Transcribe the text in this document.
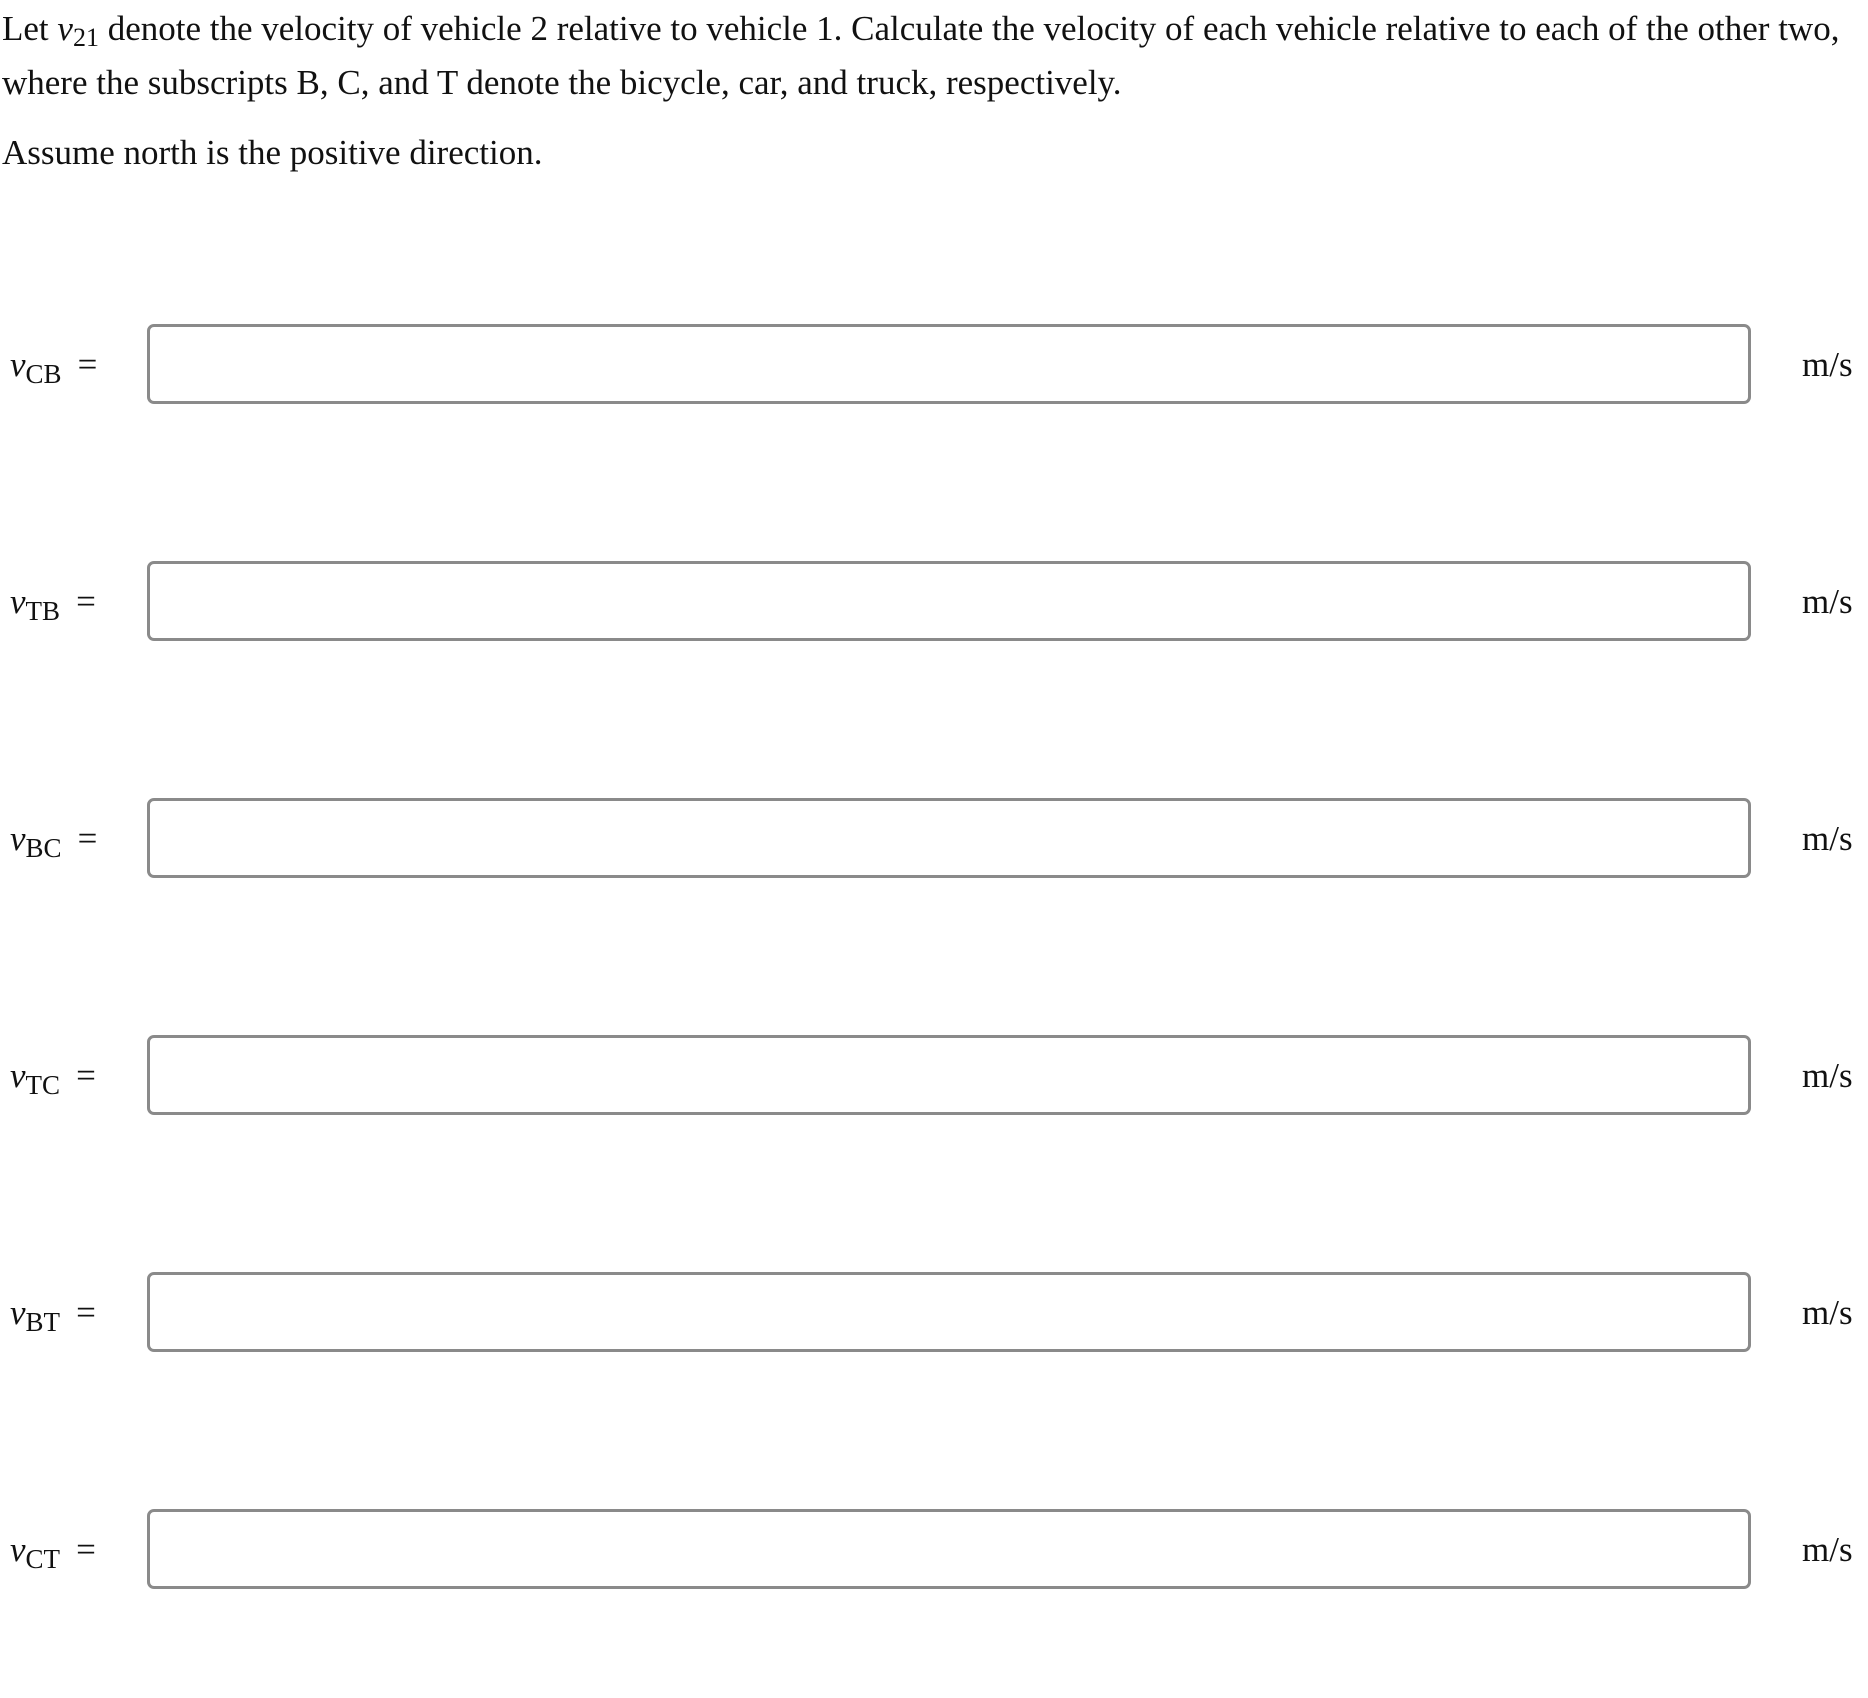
Let $v_{21}$ denote the velocity of vehicle 2 relative to vehicle 1. Calculate the velocity of each vehicle relative to each of the other two, where the subscripts B, C, and T denote the bicycle, car, and truck, respectively.

Assume north is the positive direction.

$v_{CB}$ =	m/s
$v_{TB}$ =	m/s
$v_{BC}$ =	m/s
$v_{TC}$ =	m/s
$v_{BT}$ =	m/s
$v_{CT}$ =	m/s
